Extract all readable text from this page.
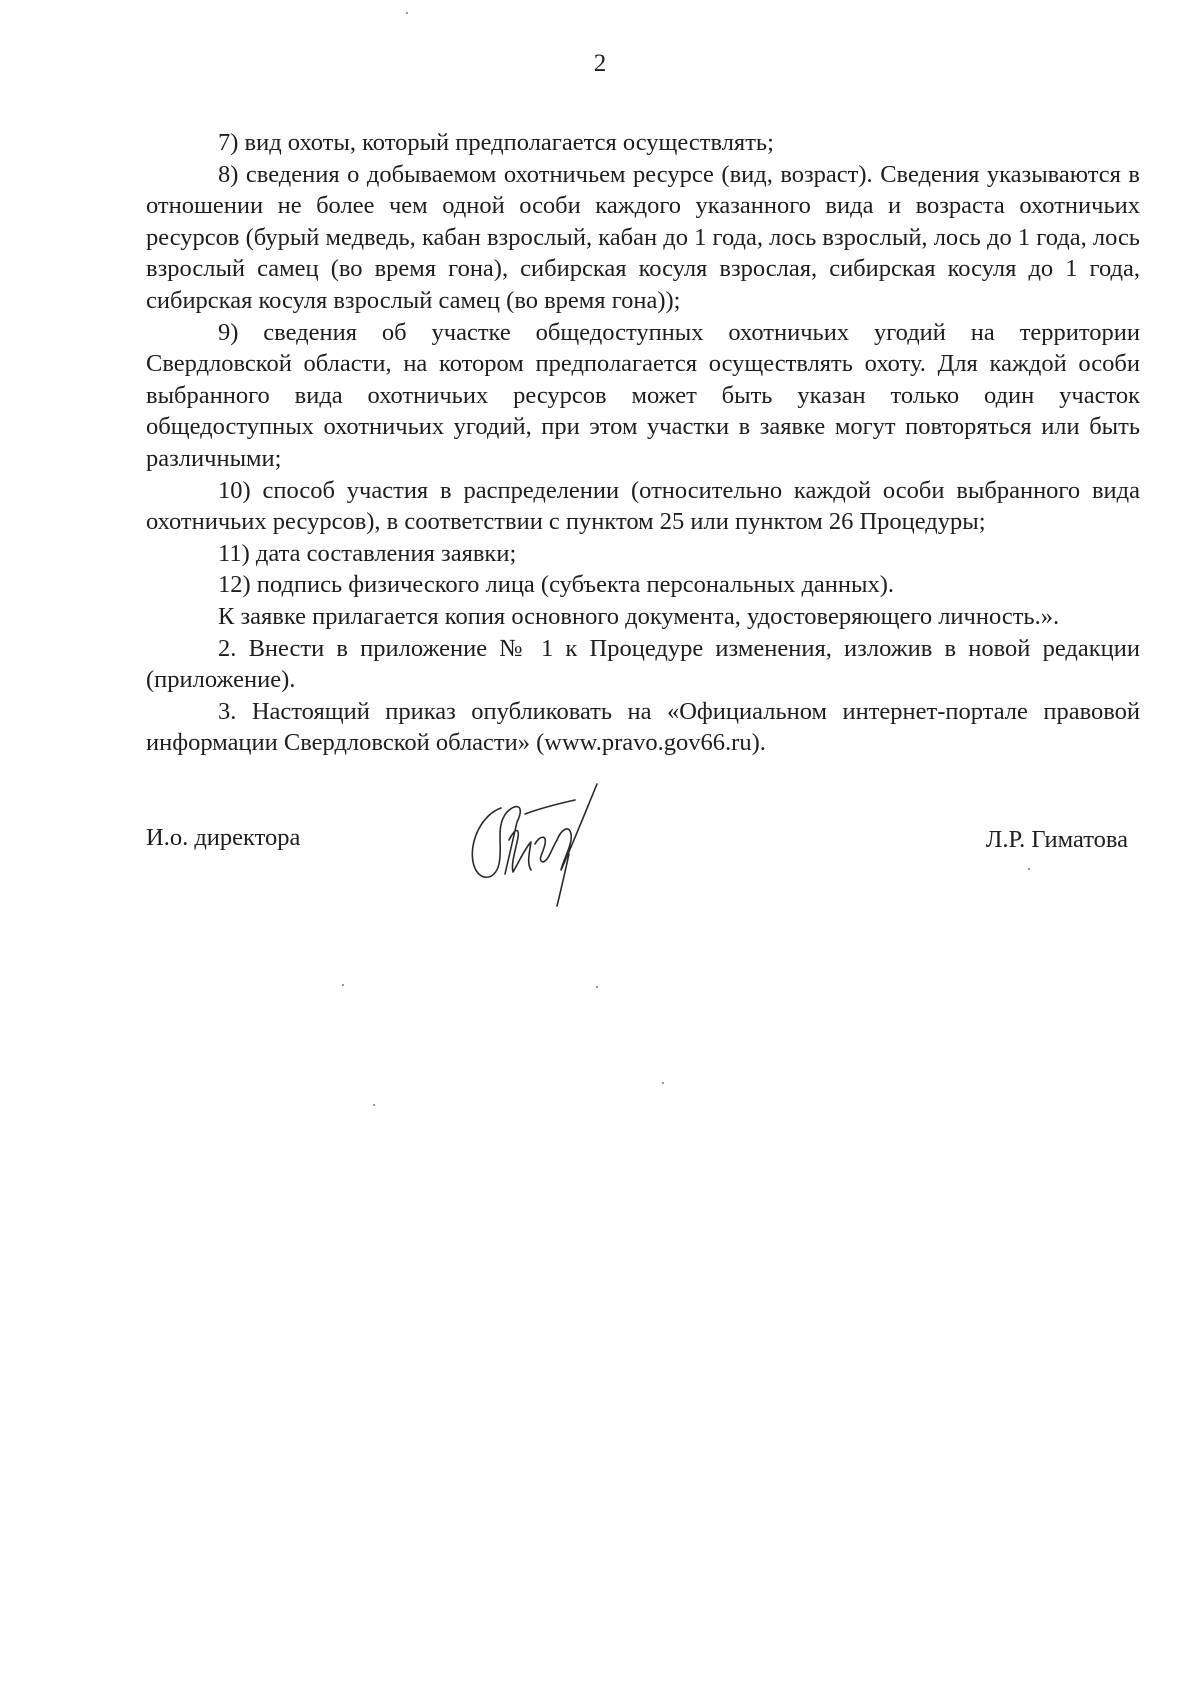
2

7) вид охоты, который предполагается осуществлять;

8) сведения о добываемом охотничьем ресурсе (вид, возраст). Сведения указываются в отношении не более чем одной особи каждого указанного вида и возраста охотничьих ресурсов (бурый медведь, кабан взрослый, кабан до 1 года, лось взрослый, лось до 1 года, лось взрослый самец (во время гона), сибирская косуля взрослая, сибирская косуля до 1 года, сибирская косуля взрослый самец (во время гона));

9) сведения об участке общедоступных охотничьих угодий на территории Свердловской области, на котором предполагается осуществлять охоту. Для каждой особи выбранного вида охотничьих ресурсов может быть указан только один участок общедоступных охотничьих угодий, при этом участки в заявке могут повторяться или быть различными;

10) способ участия в распределении (относительно каждой особи выбранного вида охотничьих ресурсов), в соответствии с пунктом 25 или пунктом 26 Процедуры;

11) дата составления заявки;

12) подпись физического лица (субъекта персональных данных).

К заявке прилагается копия основного документа, удостоверяющего личность.».

2. Внести в приложение № 1 к Процедуре изменения, изложив в новой редакции (приложение).

3. Настоящий приказ опубликовать на «Официальном интернет-портале правовой информации Свердловской области» (www.pravo.gov66.ru).

И.о. директора	Л.Р. Гиматова
